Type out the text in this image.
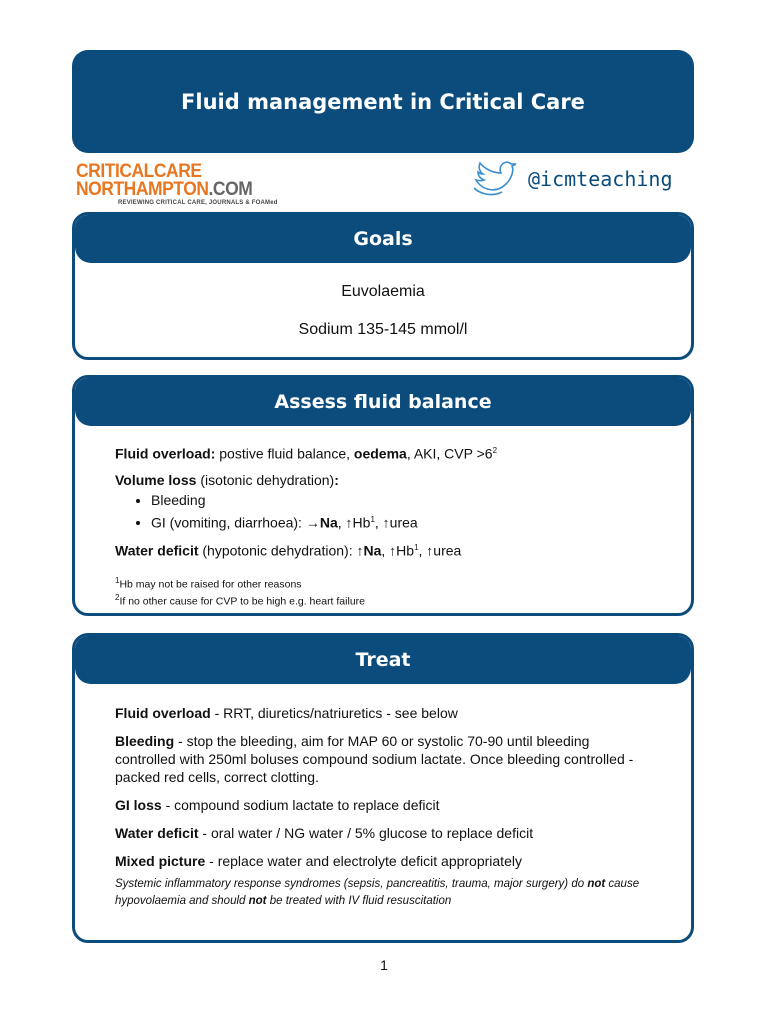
Fluid management in Critical Care
CRITICALCARE
NORTHAMPTON.COM
REVIEWING CRITICAL CARE, JOURNALS & FOAMed
@icmteaching
Goals

Euvolaemia

Sodium 135-145 mmol/l

Assess fluid balance

Fluid overload: postive fluid balance, oedema, AKI, CVP $>6^2$

Volume loss (isotonic dehydration):

• Bleeding
• GI (vomiting, diarrhoea): →Na, ↑Hb$^1$, ↑urea

Water deficit (hypotonic dehydration): ↑Na, ↑Hb$^1$, ↑urea

$^1$Hb may not be raised for other reasons
$^2$If no other cause for CVP to be high e.g. heart failure
Treat

Fluid overload - RRT, diuretics/natriuretics - see below

Bleeding - stop the bleeding, aim for MAP 60 or systolic 70-90 until bleeding controlled with 250ml boluses compound sodium lactate. Once bleeding controlled - packed red cells, correct clotting.

GI loss - compound sodium lactate to replace deficit

Water deficit - oral water / NG water / 5% glucose to replace deficit

Mixed picture - replace water and electrolyte deficit appropriately

Systemic inflammatory response syndromes (sepsis, pancreatitis, trauma, major surgery) do not cause hypovolaemia and should not be treated with IV fluid resuscitation
1
